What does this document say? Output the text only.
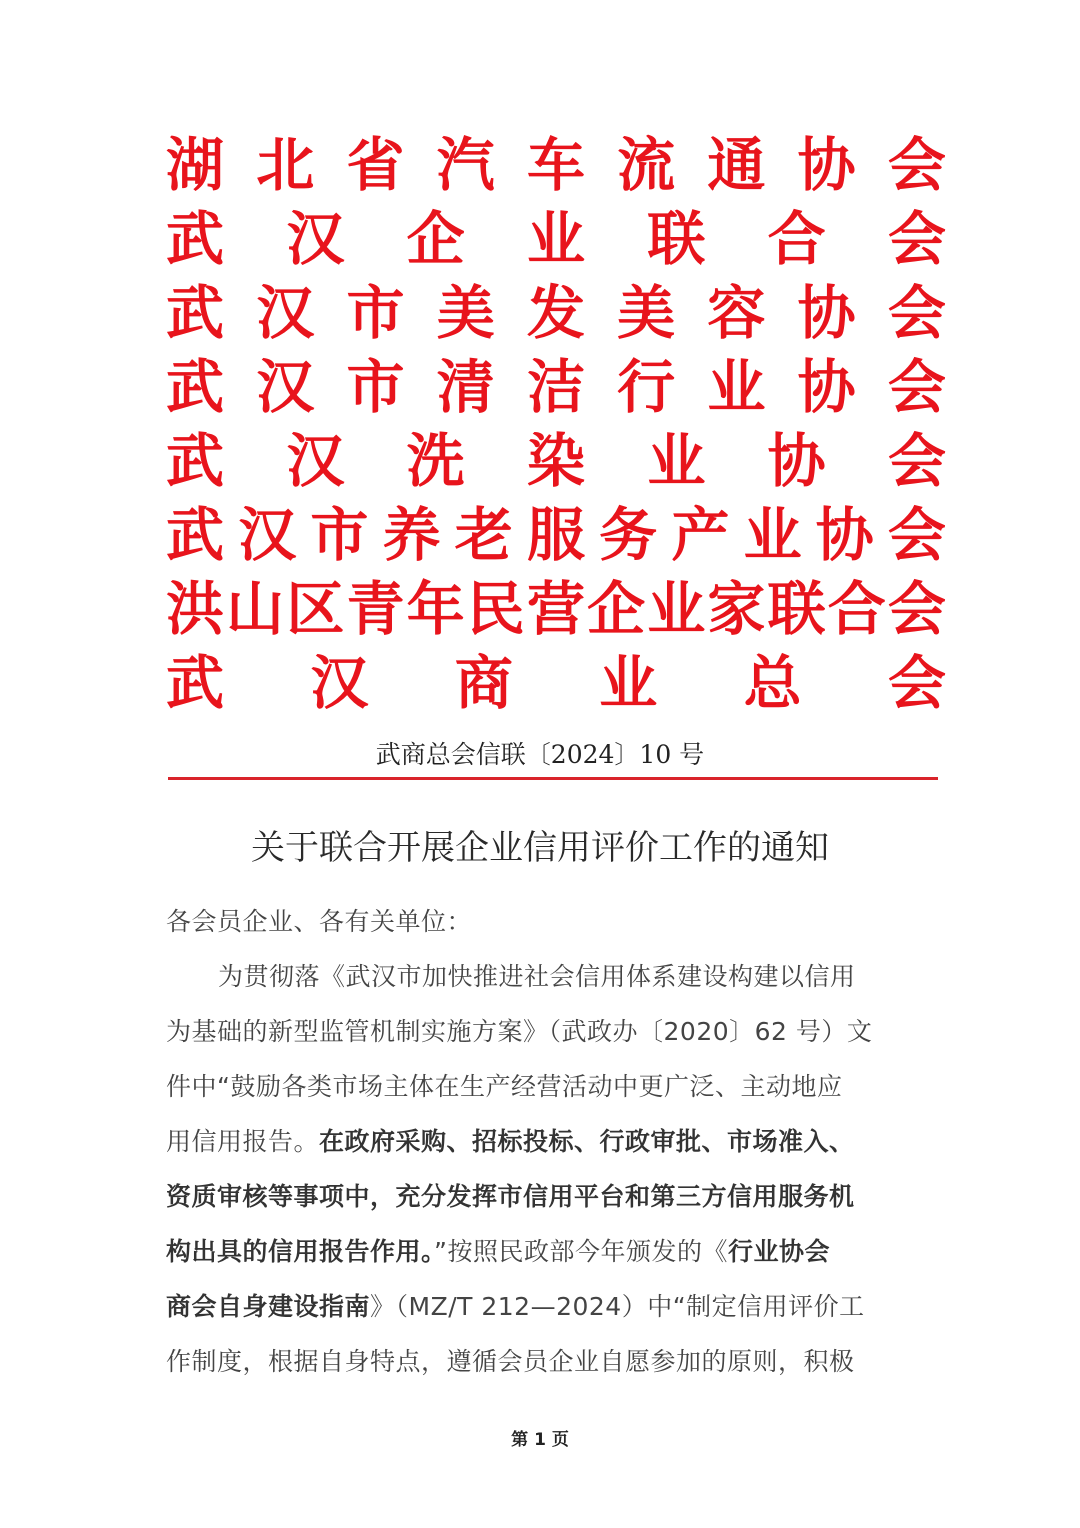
湖 北 省 汽 车 流 通 协 会
武 汉 企 业 联 合 会
武 汉 市 美 发 美 容 协 会
武 汉 市 清 洁 行 业 协 会
武 汉 洗 染 业 协 会
武 汉 市 养 老 服 务 产 业 协 会
洪 山 区 青 年 民 营 企 业 家 联 合 会
武 汉 商 业 总 会
武商总会信联〔2024〕10 号
关于联合开展企业信用评价工作的通知
各会员企业、各有关单位：
为贯彻落《武汉市加快推进社会信用体系建设构建以信用
为基础的新型监管机制实施方案》（武政办〔2020〕62 号）文
件中“鼓励各类市场主体在生产经营活动中更广泛、主动地应
用信用报告。在政府采购、招标投标、行政审批、市场准入、
资质审核等事项中，充分发挥市信用平台和第三方信用服务机
构出具的信用报告作用。”按照民政部今年颁发的《行业协会
商会自身建设指南》（MZ/T 212—2024）中“制定信用评价工
作制度，根据自身特点，遵循会员企业自愿参加的原则，积极
第 1 页
